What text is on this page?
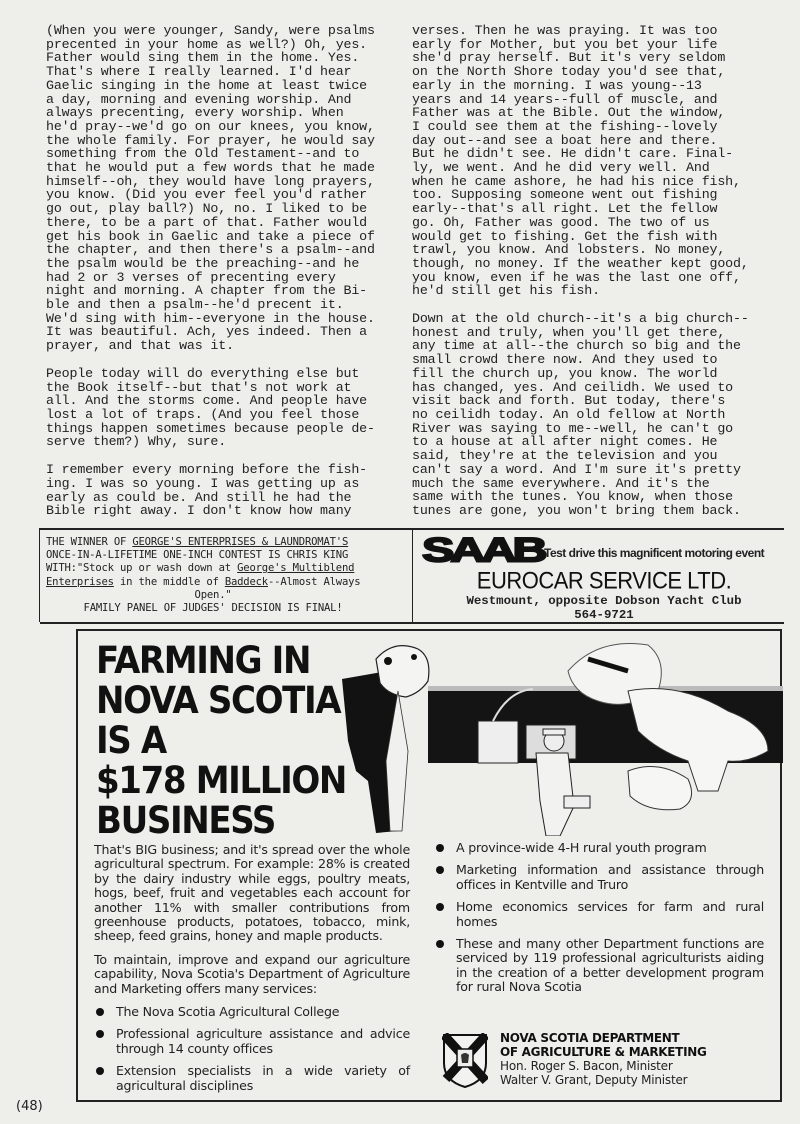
(When you were younger, Sandy, were psalms
precented in your home as well?) Oh, yes.
Father would sing them in the home. Yes.
That's where I really learned. I'd hear
Gaelic singing in the home at least twice
a day, morning and evening worship. And
always precenting, every worship. When
he'd pray--we'd go on our knees, you know,
the whole family. For prayer, he would say
something from the Old Testament--and to
that he would put a few words that he made
himself--oh, they would have long prayers,
you know. (Did you ever feel you'd rather
go out, play ball?) No, no. I liked to be
there, to be a part of that. Father would
get his book in Gaelic and take a piece of
the chapter, and then there's a psalm--and
the psalm would be the preaching--and he
had 2 or 3 verses of precenting every
night and morning. A chapter from the Bi-
ble and then a psalm--he'd precent it.
We'd sing with him--everyone in the house.
It was beautiful. Ach, yes indeed. Then a
prayer, and that was it.

People today will do everything else but
the Book itself--but that's not work at
all. And the storms come. And people have
lost a lot of traps. (And you feel those
things happen sometimes because people de-
serve them?) Why, sure.

I remember every morning before the fish-
ing. I was so young. I was getting up as
early as could be. And still he had the
Bible right away. I don't know how many

verses. Then he was praying. It was too
early for Mother, but you bet your life
she'd pray herself. But it's very seldom
on the North Shore today you'd see that,
early in the morning. I was young--13
years and 14 years--full of muscle, and
Father was at the Bible. Out the window,
I could see them at the fishing--lovely
day out--and see a boat here and there.
But he didn't see. He didn't care. Final-
ly, we went. And he did very well. And
when he came ashore, he had his nice fish,
too. Supposing someone went out fishing
early--that's all right. Let the fellow
go. Oh, Father was good. The two of us
would get to fishing. Get the fish with
trawl, you know. And lobsters. No money,
though, no money. If the weather kept good,
you know, even if he was the last one off,
he'd still get his fish.

Down at the old church--it's a big church--
honest and truly, when you'll get there,
any time at all--the church so big and the
small crowd there now. And they used to
fill the church up, you know. The world
has changed, yes. And ceilidh. We used to
visit back and forth. But today, there's
no ceilidh today. An old fellow at North
River was saying to me--well, he can't go
to a house at all after night comes. He
said, they're at the television and you
can't say a word. And I'm sure it's pretty
much the same everywhere. And it's the
same with the tunes. You know, when those
tunes are gone, you won't bring them back.

THE WINNER OF GEORGE'S ENTERPRISES & LAUNDROMAT'S
ONCE-IN-A-LIFETIME ONE-INCH CONTEST IS CHRIS KING
WITH:"Stock up or wash down at George's Multiblend
Enterprises in the middle of Baddeck--Almost Always

Open."
FAMILY PANEL OF JUDGES' DECISION IS FINAL!
SAAB Test drive this magnificent motoring event
EUROCAR SERVICE LTD.
Westmount, opposite Dobson Yacht Club
564-9721
FARMING IN
NOVA SCOTIA
IS A
$178 MILLION
BUSINESS

That's BIG business; and it's spread over the whole agricultural spectrum. For example: 28% is created by the dairy industry while eggs, poultry meats, hogs, beef, fruit and vegetables each account for another 11% with smaller contributions from greenhouse products, potatoes, tobacco, mink, sheep, feed grains, honey and maple products.

To maintain, improve and expand our agriculture capability, Nova Scotia's Department of Agriculture and Marketing offers many services:

The Nova Scotia Agricultural College
Professional agriculture assistance and advice through 14 county offices
Extension specialists in a wide variety of agricultural disciplines
A province-wide 4-H rural youth program
Marketing information and assistance through offices in Kentville and Truro
Home economics services for farm and rural homes
These and many other Department functions are serviced by 119 professional agriculturists aiding in the creation of a better development program for rural Nova Scotia
NOVA SCOTIA DEPARTMENT
OF AGRICULTURE & MARKETING
Hon. Roger S. Bacon, Minister
Walter V. Grant, Deputy Minister
(48)
